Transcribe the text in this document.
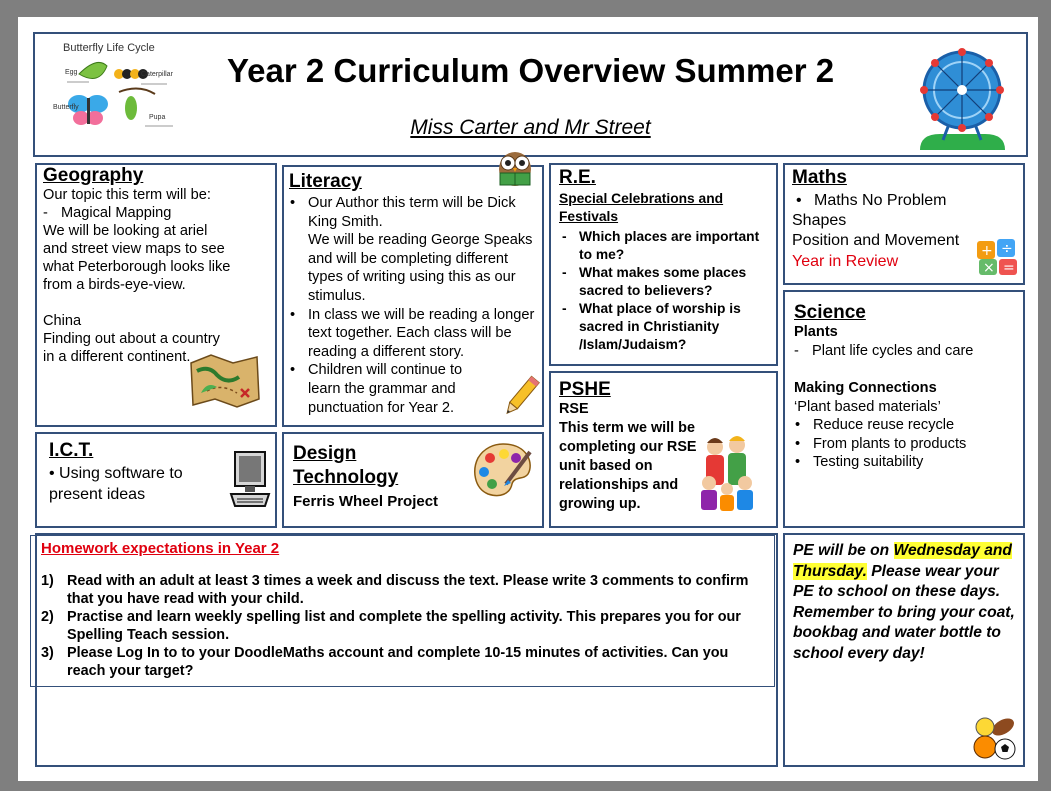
Butterfly Life Cycle
Egg	Caterpillar
Butterfly
Pupa
Year 2 Curriculum Overview Summer 2
Miss Carter and Mr Street
Geography
Our topic this term will be:
- Magical Mapping
We will be looking at ariel
and street view maps to see
what Peterborough looks like
from a birds-eye-view.
China
Finding out about a country
in a different continent.
Literacy
• Our Author this term will be Dick King Smith.
We will be reading George Speaks and will be completing different types of writing using this as our stimulus.
• In class we will be reading a longer text together. Each class will be reading a different story.
• Children will continue to learn the grammar and punctuation for Year 2.
R.E.
Special Celebrations and Festivals
- Which places are important to me?
- What makes some places sacred to believers?
- What place of worship is sacred in Christianity /Islam/Judaism?
Maths
• Maths No Problem
Shapes
Position and Movement
Year in Review
+ ÷
× =
Science
Plants
- Plant life cycles and care
Making Connections
‘Plant based materials’
• Reduce reuse recycle
• From plants to products
• Testing suitability
PSHE
RSE
This term we will be completing our RSE unit based on relationships and growing up.
I.C.T.
• Using software to present ideas
Design
Technology
Ferris Wheel Project
Homework expectations in Year 2
1) Read with an adult at least 3 times a week and discuss the text. Please write 3 comments to confirm that you have read with your child.
2) Practise and learn weekly spelling list and complete the spelling activity. This prepares you for our Spelling Teach session.
3) Please Log In to to your DoodleMaths account and complete 10-15 minutes of activities. Can you reach your target?
PE will be on Wednesday and Thursday. Please wear your PE to school on these days.
Remember to bring your coat, bookbag and water bottle to school every day!
